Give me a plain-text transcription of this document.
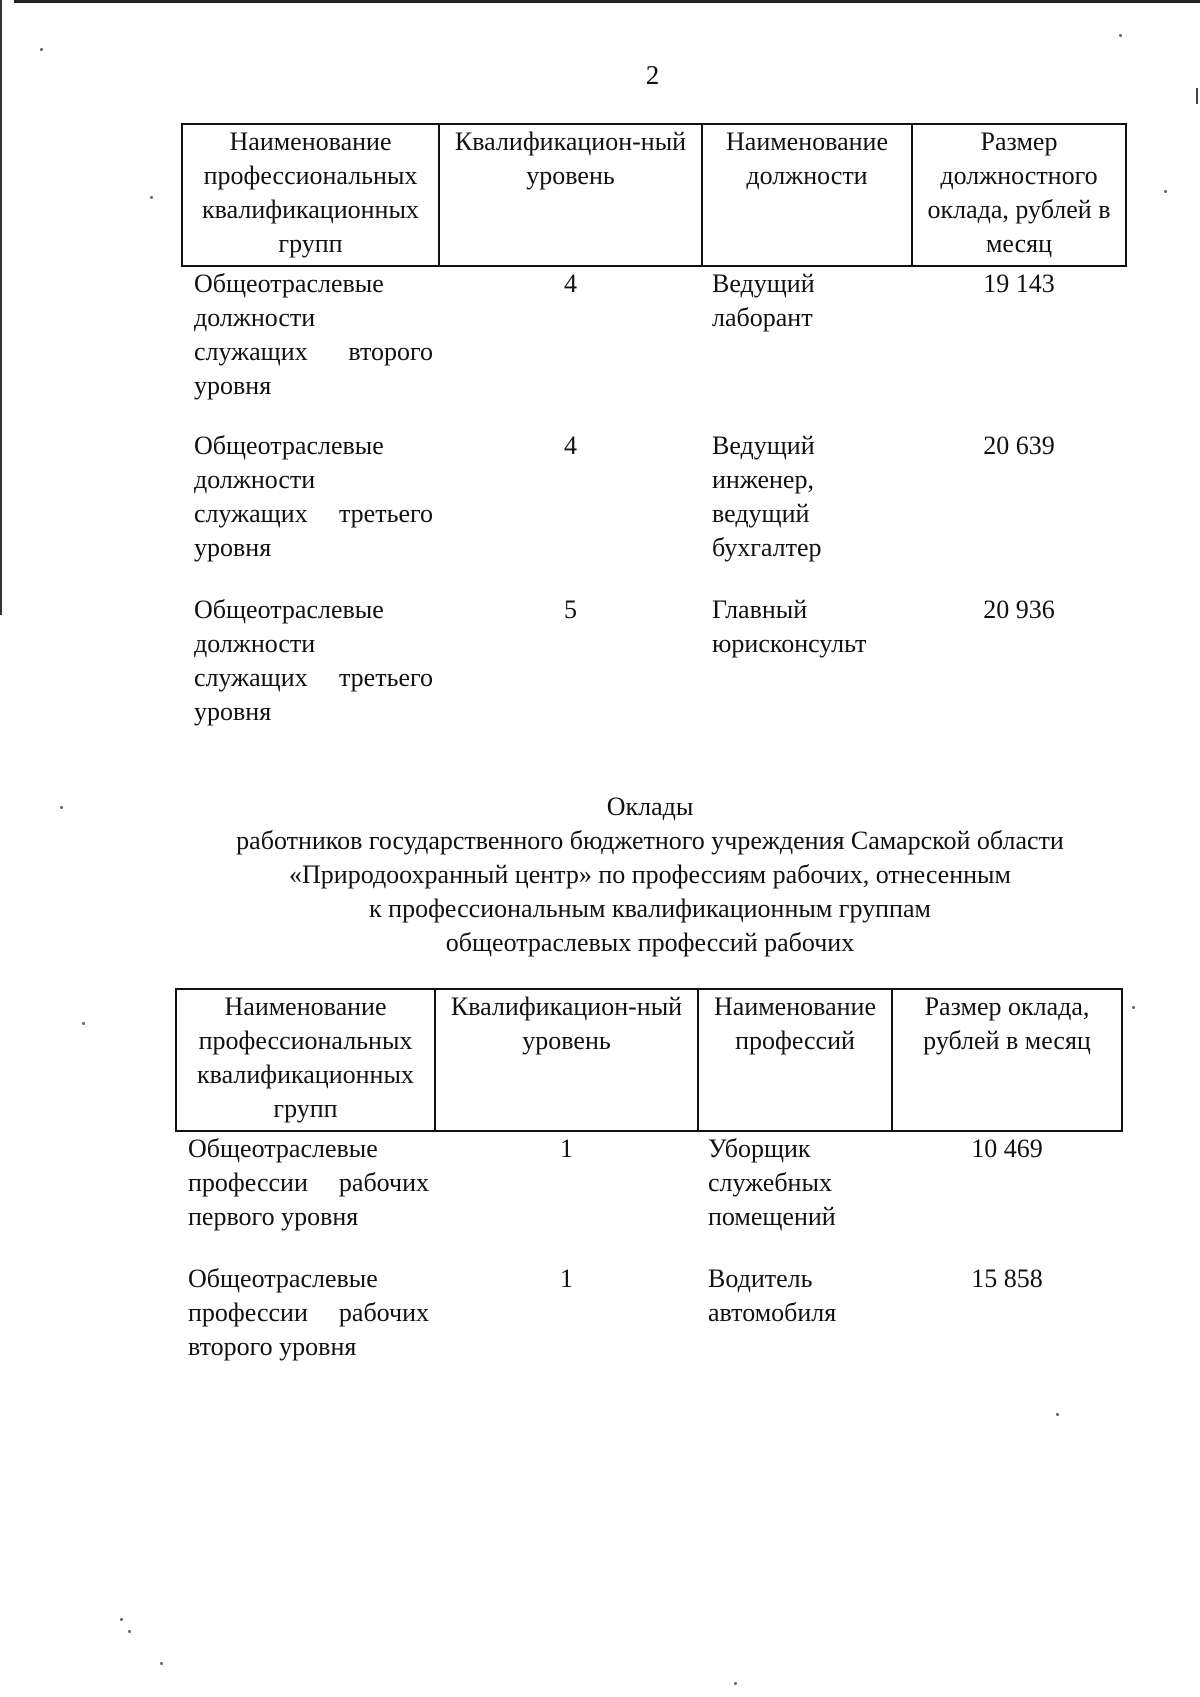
2
Наименование профессиональных квалификационных групп	Квалификацион-ный уровень	Наименование должности	Размер должностного оклада, рублей в месяц
Общеотраслевые должности служащих второго уровня	4	Ведущий лаборант	19 143
Общеотраслевые должности служащих третьего уровня	4	Ведущий инженер, ведущий бухгалтер	20 639
Общеотраслевые должности служащих третьего уровня	5	Главный юрисконсульт	20 936
Оклады
работников государственного бюджетного учреждения Самарской области
«Природоохранный центр» по профессиям рабочих, отнесенным
к профессиональным квалификационным группам
общеотраслевых профессий рабочих
Наименование профессиональных квалификационных групп	Квалификацион-ный уровень	Наименование профессий	Размер оклада, рублей в месяц
Общеотраслевые профессии рабочих первого уровня	1	Уборщик служебных помещений	10 469
Общеотраслевые профессии рабочих второго уровня	1	Водитель автомобиля	15 858
